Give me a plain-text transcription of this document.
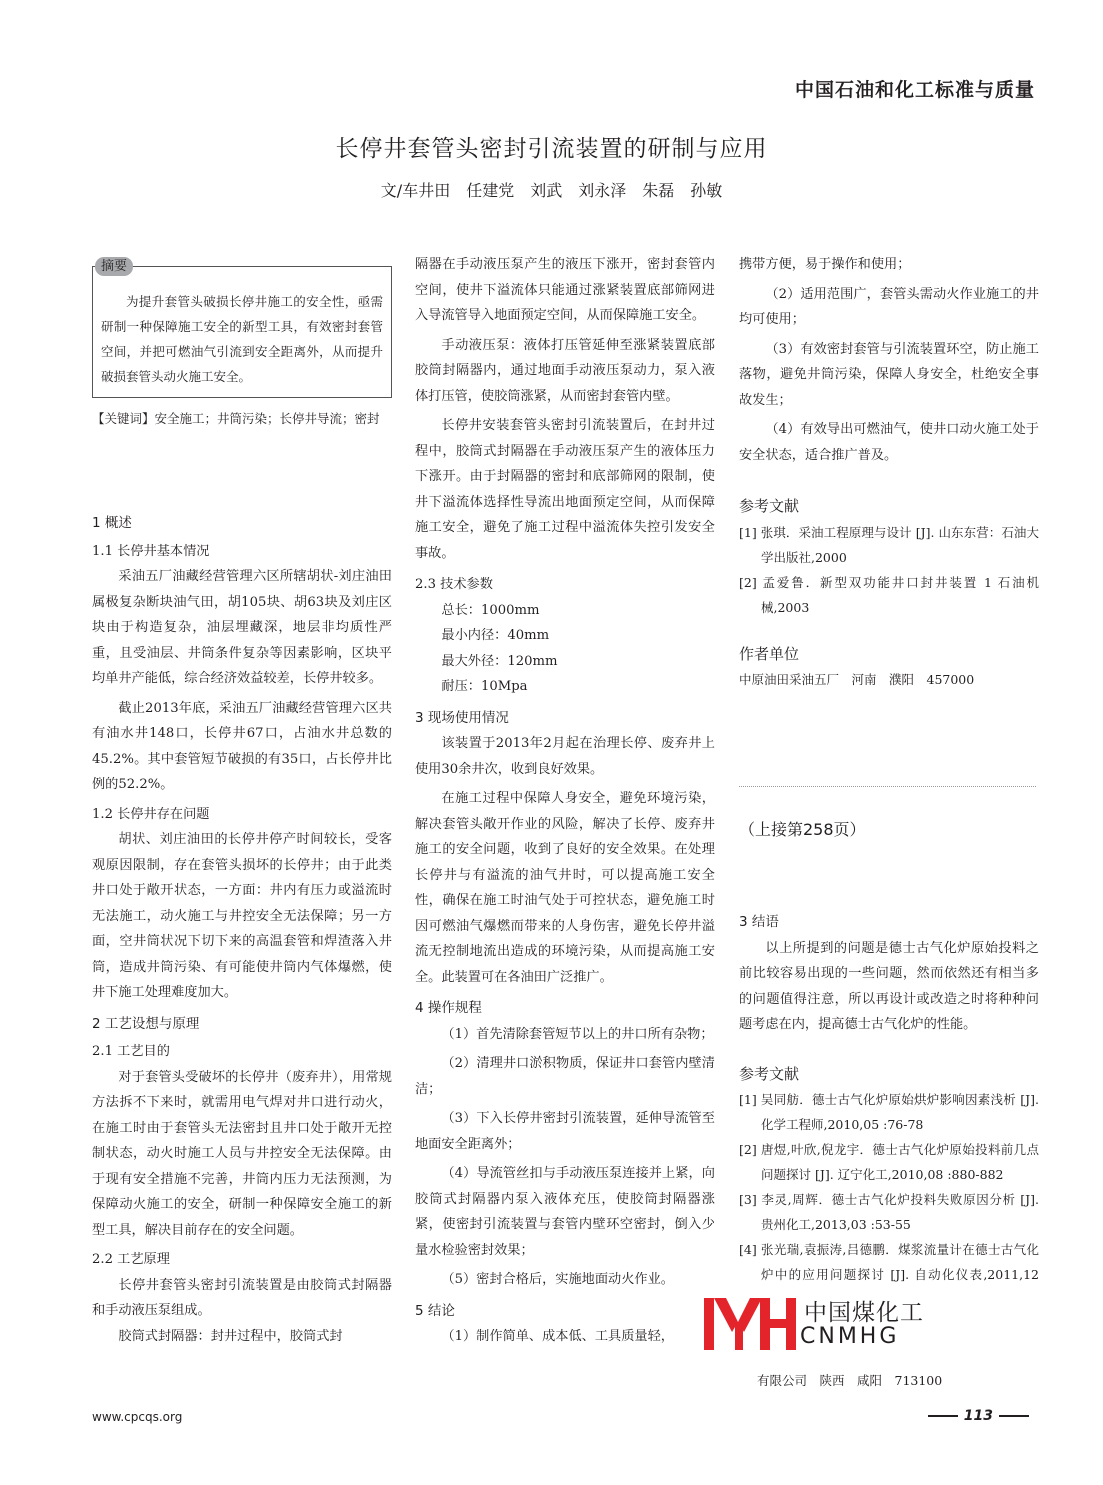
中国石油和化工标准与质量
长停井套管头密封引流装置的研制与应用
文/车井田　任建党　刘武　刘永泽　朱磊　孙敏
摘要

为提升套管头破损长停井施工的安全性，亟需研制一种保障施工安全的新型工具，有效密封套管空间，并把可燃油气引流到安全距离外，从而提升破损套管头动火施工安全。

【关键词】安全施工；井筒污染；长停井导流；密封
1 概述
1.1 长停井基本情况

采油五厂油藏经营管理六区所辖胡状-刘庄油田属极复杂断块油气田，胡105块、胡63块及刘庄区块由于构造复杂，油层埋藏深，地层非均质性严重，且受油层、井筒条件复杂等因素影响，区块平均单井产能低，综合经济效益较差，长停井较多。

截止2013年底，采油五厂油藏经营管理六区共有油水井148口，长停井67口，占油水井总数的45.2%。其中套管短节破损的有35口，占长停井比例的52.2%。

1.2 长停井存在问题

胡状、刘庄油田的长停井停产时间较长，受客观原因限制，存在套管头损坏的长停井；由于此类井口处于敞开状态，一方面：井内有压力或溢流时无法施工，动火施工与井控安全无法保障；另一方面，空井筒状况下切下来的高温套管和焊渣落入井筒，造成井筒污染、有可能使井筒内气体爆燃，使井下施工处理难度加大。

2 工艺设想与原理
2.1 工艺目的

对于套管头受破坏的长停井（废弃井），用常规方法拆不下来时，就需用电气焊对井口进行动火，在施工时由于套管头无法密封且井口处于敞开无控制状态，动火时施工人员与井控安全无法保障。由于现有安全措施不完善，井筒内压力无法预测，为保障动火施工的安全，研制一种保障安全施工的新型工具，解决目前存在的安全问题。

2.2 工艺原理

长停井套管头密封引流装置是由胶筒式封隔器和手动液压泵组成。

胶筒式封隔器：封井过程中，胶筒式封

隔器在手动液压泵产生的液压下涨开，密封套管内空间，使井下溢流体只能通过涨紧装置底部筛网进入导流管导入地面预定空间，从而保障施工安全。

手动液压泵：液体打压管延伸至涨紧装置底部胶筒封隔器内，通过地面手动液压泵动力，泵入液体打压管，使胶筒涨紧，从而密封套管内壁。

长停井安装套管头密封引流装置后，在封井过程中，胶筒式封隔器在手动液压泵产生的液体压力下涨开。由于封隔器的密封和底部筛网的限制，使井下溢流体选择性导流出地面预定空间，从而保障施工安全，避免了施工过程中溢流体失控引发安全事故。

2.3 技术参数

总长：1000mm

最小内径：40mm

最大外径：120mm

耐压：10Mpa

3 现场使用情况

该装置于2013年2月起在治理长停、废弃井上使用30余井次，收到良好效果。

在施工过程中保障人身安全，避免环境污染，解决套管头敞开作业的风险，解决了长停、废弃井施工的安全问题，收到了良好的安全效果。在处理长停井与有溢流的油气井时，可以提高施工安全性，确保在施工时油气处于可控状态，避免施工时因可燃油气爆燃而带来的人身伤害，避免长停井溢流无控制地流出造成的环境污染，从而提高施工安全。此装置可在各油田广泛推广。

4 操作规程

（1）首先清除套管短节以上的井口所有杂物；

（2）清理井口淤积物质，保证井口套管内壁清洁；

（3）下入长停井密封引流装置，延伸导流管至地面安全距离外；

（4）导流管丝扣与手动液压泵连接并上紧，向胶筒式封隔器内泵入液体充压，使胶筒封隔器涨紧，使密封引流装置与套管内壁环空密封，倒入少量水检验密封效果；

（5）密封合格后，实施地面动火作业。

5 结论

（1）制作简单、成本低、工具质量轻，

携带方便，易于操作和使用；

（2）适用范围广，套管头需动火作业施工的井均可使用；

（3）有效密封套管与引流装置环空，防止施工落物，避免井筒污染，保障人身安全，杜绝安全事故发生；

（4）有效导出可燃油气，使井口动火施工处于安全状态，适合推广普及。

参考文献

[1] 张琪．采油工程原理与设计 [J]. 山东东营：石油大学出版社,2000

[2] 孟爱鲁．新型双功能井口封井装置 1 石油机械,2003

作者单位

中原油田采油五厂　河南　濮阳　457000

（上接第258页）
3 结语

以上所提到的问题是德士古气化炉原始投料之前比较容易出现的一些问题，然而依然还有相当多的问题值得注意，所以再设计或改造之时将种种问题考虑在内，提高德士古气化炉的性能。

参考文献

[1] 吴同舫．德士古气化炉原始烘炉影响因素浅析 [J]. 化学工程师,2010,05 :76-78

[2] 唐煜,叶欣,倪龙宇．德士古气化炉原始投料前几点问题探讨 [J]. 辽宁化工,2010,08 :880-882

[3] 李灵,周辉．德士古气化炉投料失败原因分析 [J]. 贵州化工,2013,03 :53-55

[4] 张光瑞,袁振涛,吕德鹏．煤浆流量计在德士古气化炉中的应用问题探讨 [J]. 自动化仪表,2011,12

有限公司　陕西　咸阳　713100

中国煤化工
CNMHG
www.cpcqs.org	113
